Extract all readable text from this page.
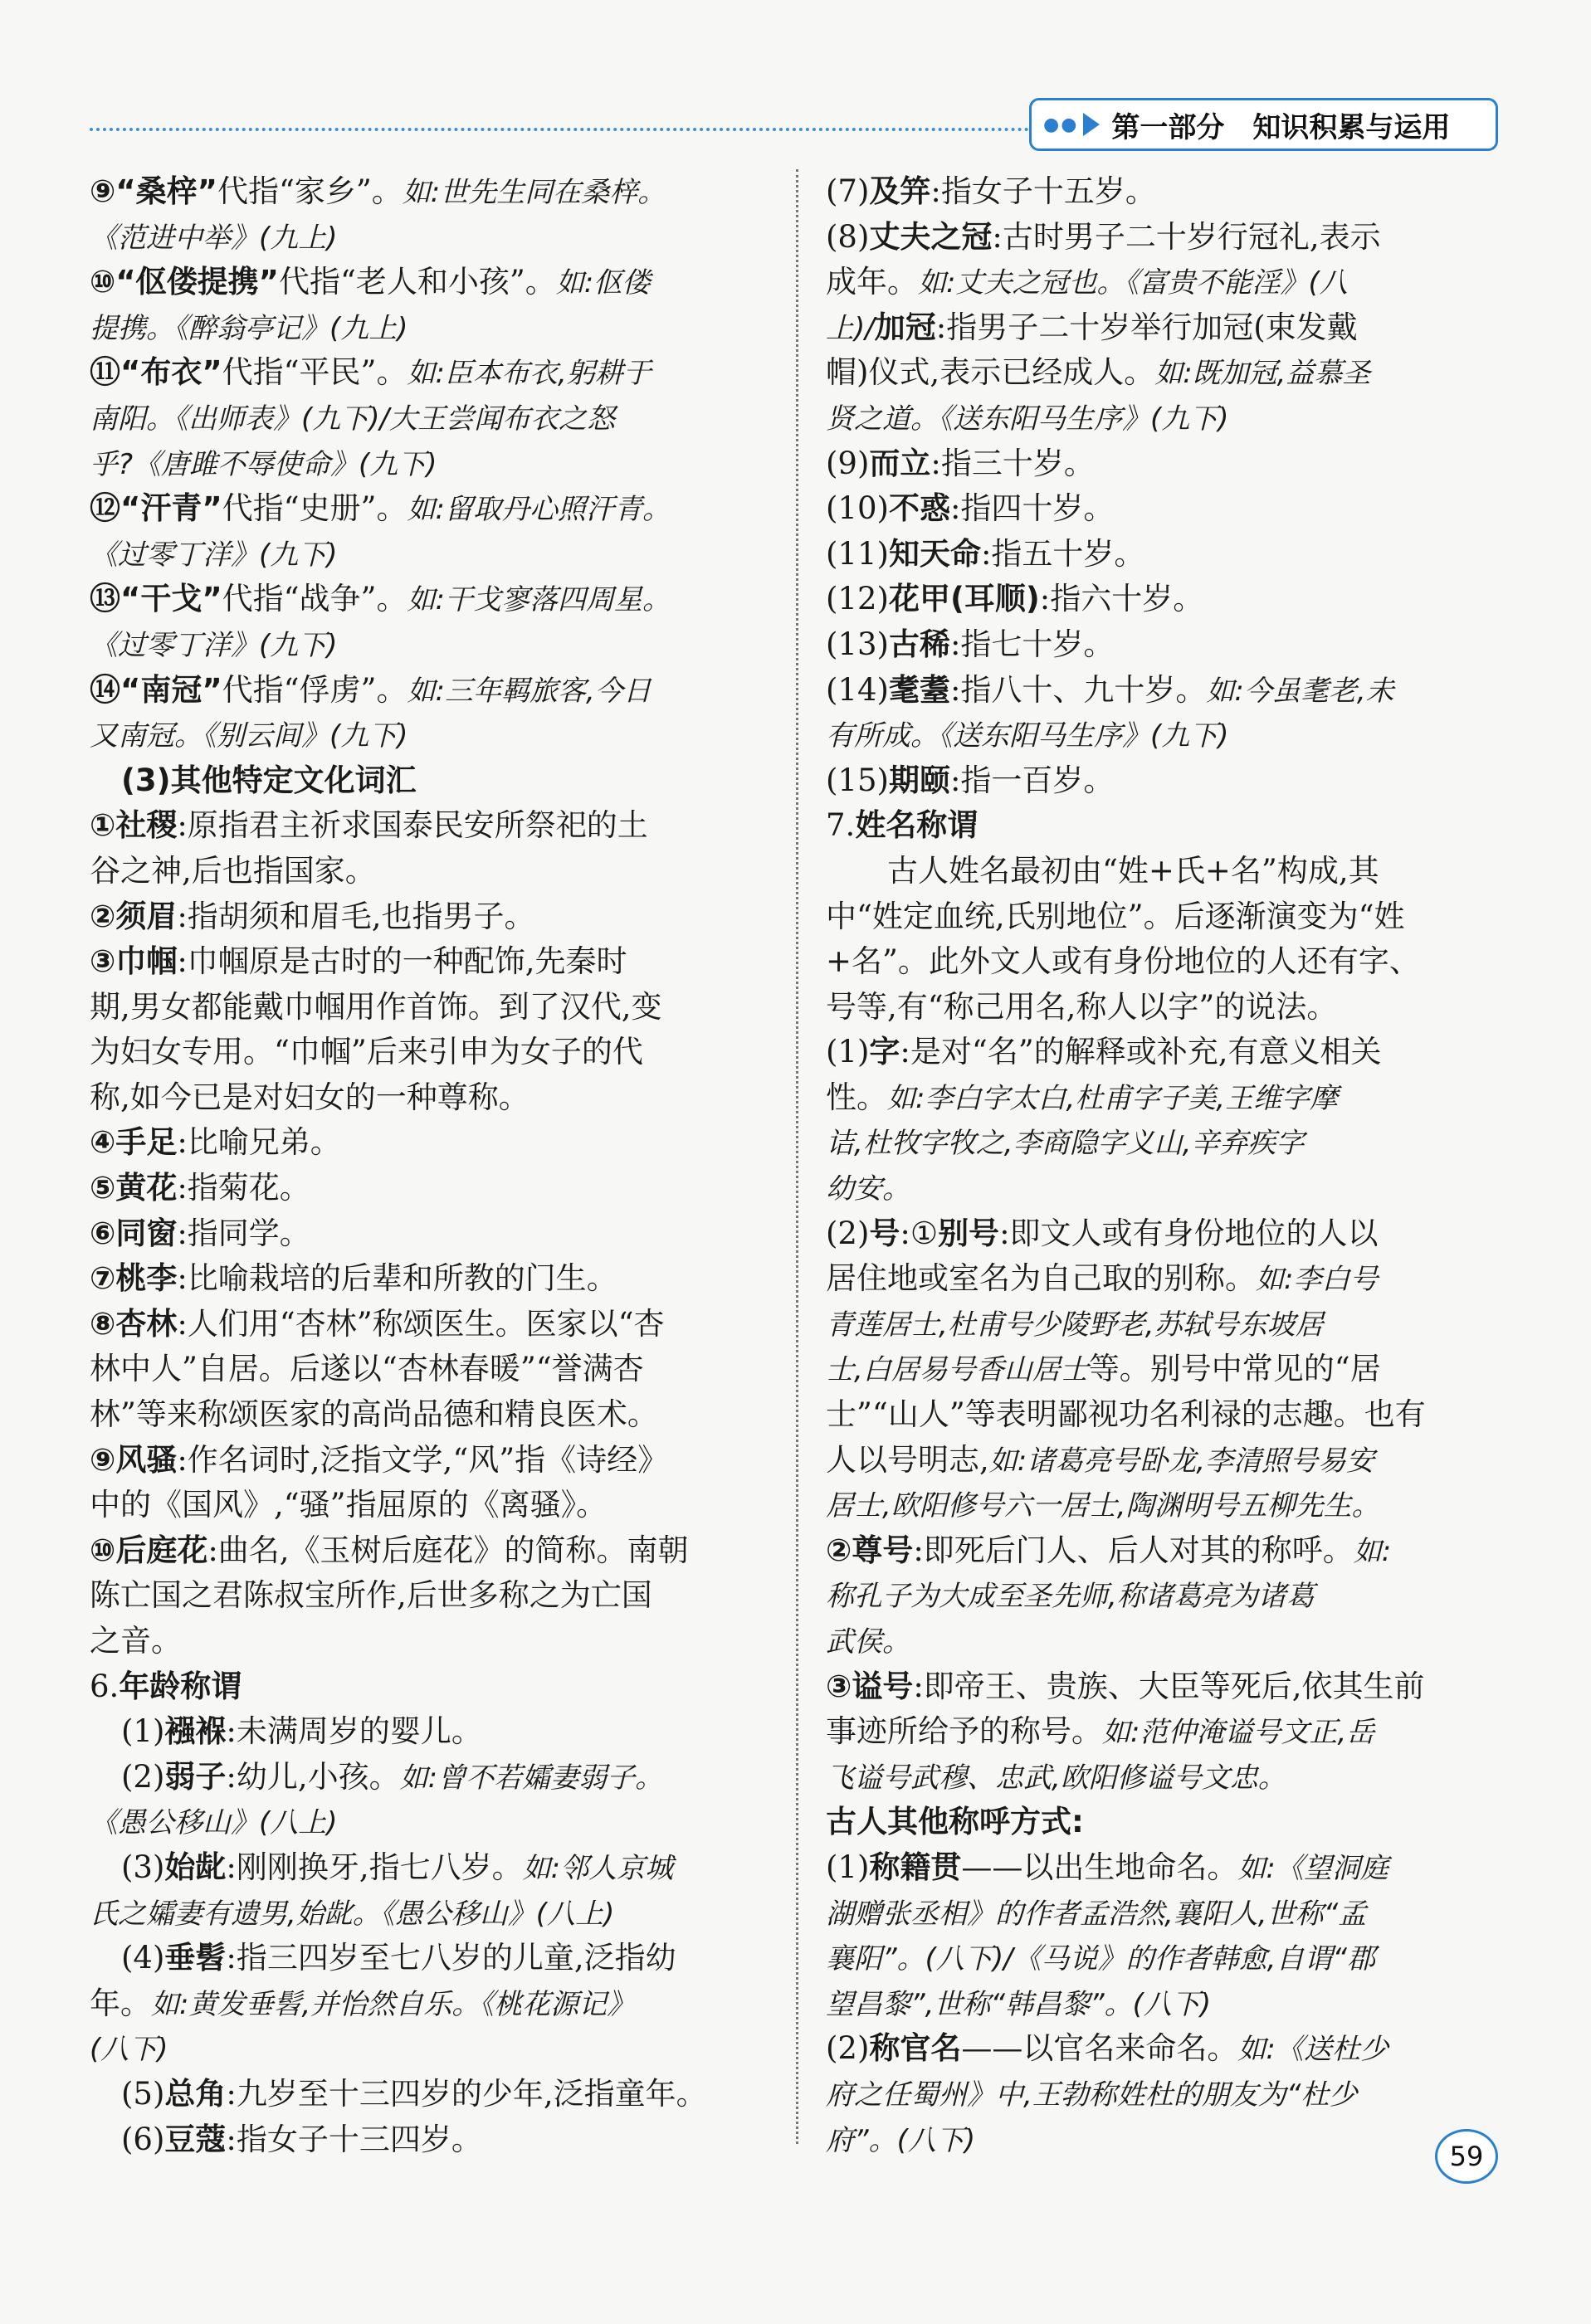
●● 第一部分 知识积累与运用
⑨“桑梓”代指“家乡”。如:世先生同在桑梓。
《范进中举》(九上)
⑩“伛偻提携”代指“老人和小孩”。如:伛偻
提携。《醉翁亭记》(九上)
⑪“布衣”代指“平民”。如:臣本布衣,躬耕于
南阳。《出师表》(九下)/大王尝闻布衣之怒
乎?《唐雎不辱使命》(九下)
⑫“汗青”代指“史册”。如:留取丹心照汗青。
《过零丁洋》(九下)
⑬“干戈”代指“战争”。如:干戈寥落四周星。
《过零丁洋》(九下)
⑭“南冠”代指“俘虏”。如:三年羁旅客,今日
又南冠。《别云间》(九下)
(3)其他特定文化词汇
①社稷:原指君主祈求国泰民安所祭祀的土
谷之神,后也指国家。
②须眉:指胡须和眉毛,也指男子。
③巾帼:巾帼原是古时的一种配饰,先秦时
期,男女都能戴巾帼用作首饰。到了汉代,变
为妇女专用。“巾帼”后来引申为女子的代
称,如今已是对妇女的一种尊称。
④手足:比喻兄弟。
⑤黄花:指菊花。
⑥同窗:指同学。
⑦桃李:比喻栽培的后辈和所教的门生。
⑧杏林:人们用“杏林”称颂医生。医家以“杏
林中人”自居。后遂以“杏林春暖”“誉满杏
林”等来称颂医家的高尚品德和精良医术。
⑨风骚:作名词时,泛指文学,“风”指《诗经》
中的《国风》,“骚”指屈原的《离骚》。
⑩后庭花:曲名,《玉树后庭花》的简称。南朝
陈亡国之君陈叔宝所作,后世多称之为亡国
之音。
6.年龄称谓
(1)襁褓:未满周岁的婴儿。
(2)弱子:幼儿,小孩。如:曾不若孀妻弱子。
《愚公移山》(八上)
(3)始龀:刚刚换牙,指七八岁。如:邻人京城
氏之孀妻有遗男,始龀。《愚公移山》(八上)
(4)垂髫:指三四岁至七八岁的儿童,泛指幼
年。如:黄发垂髫,并怡然自乐。《桃花源记》
(八下)
(5)总角:九岁至十三四岁的少年,泛指童年。
(6)豆蔻:指女子十三四岁。
(7)及笄:指女子十五岁。
(8)丈夫之冠:古时男子二十岁行冠礼,表示
成年。如:丈夫之冠也。《富贵不能淫》(八
上)/加冠:指男子二十岁举行加冠(束发戴
帽)仪式,表示已经成人。如:既加冠,益慕圣
贤之道。《送东阳马生序》(九下)
(9)而立:指三十岁。
(10)不惑:指四十岁。
(11)知天命:指五十岁。
(12)花甲(耳顺):指六十岁。
(13)古稀:指七十岁。
(14)耄耋:指八十、九十岁。如:今虽耄老,未
有所成。《送东阳马生序》(九下)
(15)期颐:指一百岁。
7.姓名称谓
古人姓名最初由“姓+氏+名”构成,其
中“姓定血统,氏别地位”。后逐渐演变为“姓
+名”。此外文人或有身份地位的人还有字、
号等,有“称己用名,称人以字”的说法。
(1)字:是对“名”的解释或补充,有意义相关
性。如:李白字太白,杜甫字子美,王维字摩
诘,杜牧字牧之,李商隐字义山,辛弃疾字
幼安。
(2)号:①别号:即文人或有身份地位的人以
居住地或室名为自己取的别称。如:李白号
青莲居士,杜甫号少陵野老,苏轼号东坡居
士,白居易号香山居士等。别号中常见的“居
士”“山人”等表明鄙视功名利禄的志趣。也有
人以号明志,如:诸葛亮号卧龙,李清照号易安
居士,欧阳修号六一居士,陶渊明号五柳先生。
②尊号:即死后门人、后人对其的称呼。如:
称孔子为大成至圣先师,称诸葛亮为诸葛
武侯。
③谥号:即帝王、贵族、大臣等死后,依其生前
事迹所给予的称号。如:范仲淹谥号文正,岳
飞谥号武穆、忠武,欧阳修谥号文忠。
古人其他称呼方式:
(1)称籍贯——以出生地命名。如:《望洞庭
湖赠张丞相》的作者孟浩然,襄阳人,世称“孟
襄阳”。(八下)/《马说》的作者韩愈,自谓“郡
望昌黎”,世称“韩昌黎”。(八下)
(2)称官名——以官名来命名。如:《送杜少
府之任蜀州》中,王勃称姓杜的朋友为“杜少
府”。(八下)	59
